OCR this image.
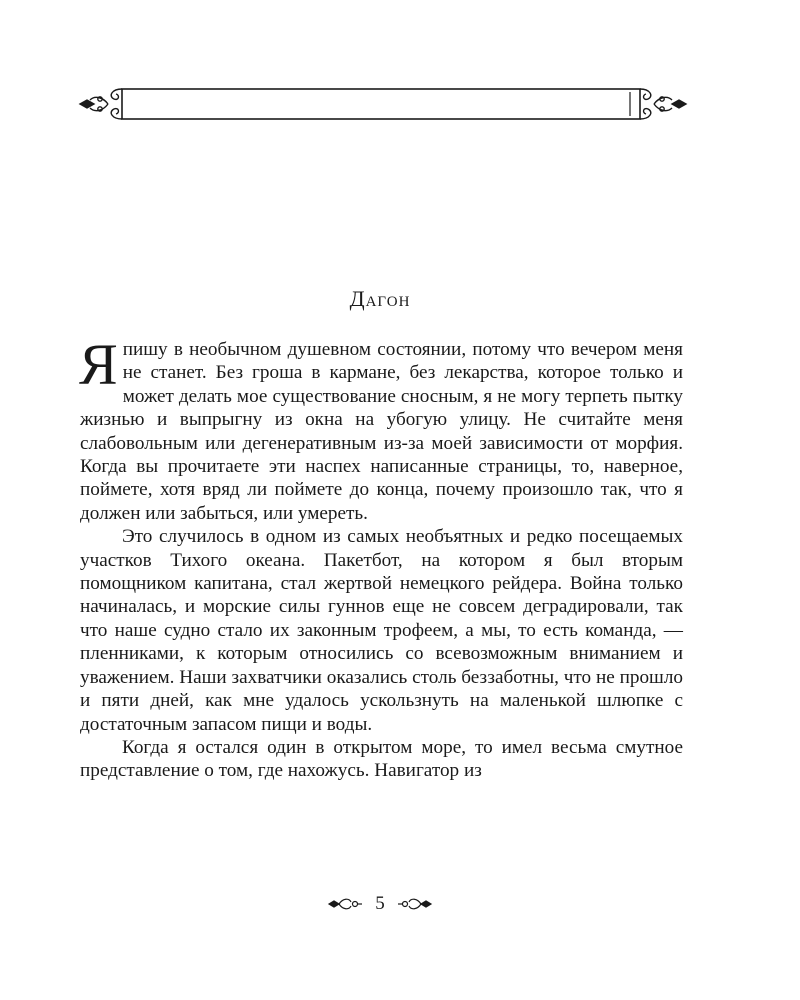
Дагон

Япишу в необычном душевном состоянии, потому что вечером меня не станет. Без гроша в кармане, без лекарства, которое только и может делать мое существование сносным, я не могу терпеть пытку жизнью и выпрыгну из окна на убогую улицу. Не считайте меня слабовольным или дегенеративным из-за моей зависимости от морфия. Когда вы прочитаете эти наспех написанные страницы, то, наверное, поймете, хотя вряд ли поймете до конца, почему произошло так, что я должен или забыться, или умереть.

Это случилось в одном из самых необъятных и редко посещаемых участков Тихого океана. Пакетбот, на котором я был вторым помощником капитана, стал жертвой немецкого рейдера. Война только начиналась, и морские силы гуннов еще не совсем деградировали, так что наше судно стало их законным трофеем, а мы, то есть команда, — пленниками, к которым относились со всевозможным вниманием и уважением. Наши захватчики оказались столь беззаботны, что не прошло и пяти дней, как мне удалось ускользнуть на маленькой шлюпке с достаточным запасом пищи и воды.

Когда я остался один в открытом море, то имел весьма смутное представление о том, где нахожусь. Навигатор из

5
